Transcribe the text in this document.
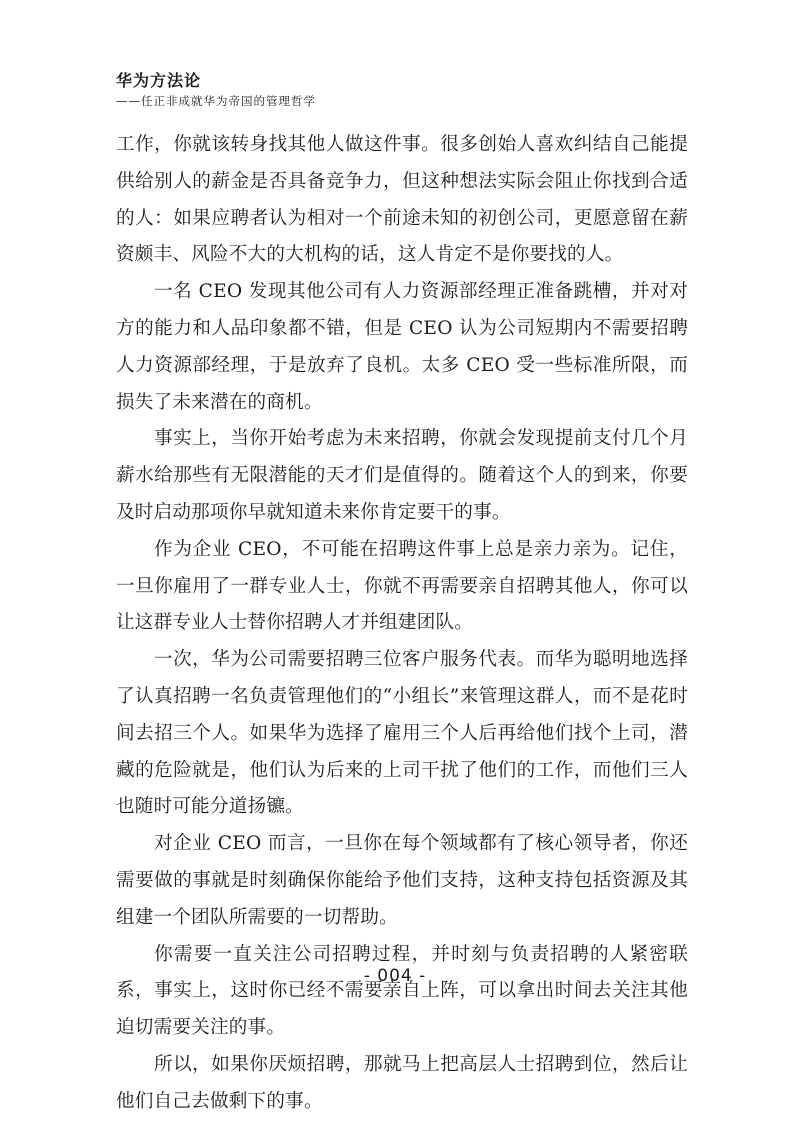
华为方法论
——任正非成就华为帝国的管理哲学

工作，你就该转身找其他人做这件事。很多创始人喜欢纠结自己能提供给别人的薪金是否具备竞争力，但这种想法实际会阻止你找到合适的人：如果应聘者认为相对一个前途未知的初创公司，更愿意留在薪资颇丰、风险不大的大机构的话，这人肯定不是你要找的人。

一名 CEO 发现其他公司有人力资源部经理正准备跳槽，并对对方的能力和人品印象都不错，但是 CEO 认为公司短期内不需要招聘人力资源部经理，于是放弃了良机。太多 CEO 受一些标准所限，而损失了未来潜在的商机。

事实上，当你开始考虑为未来招聘，你就会发现提前支付几个月薪水给那些有无限潜能的天才们是值得的。随着这个人的到来，你要及时启动那项你早就知道未来你肯定要干的事。

作为企业 CEO，不可能在招聘这件事上总是亲力亲为。记住，一旦你雇用了一群专业人士，你就不再需要亲自招聘其他人，你可以让这群专业人士替你招聘人才并组建团队。

一次，华为公司需要招聘三位客户服务代表。而华为聪明地选择了认真招聘一名负责管理他们的“小组长”来管理这群人，而不是花时间去招三个人。如果华为选择了雇用三个人后再给他们找个上司，潜藏的危险就是，他们认为后来的上司干扰了他们的工作，而他们三人也随时可能分道扬镳。

对企业 CEO 而言，一旦你在每个领域都有了核心领导者，你还需要做的事就是时刻确保你能给予他们支持，这种支持包括资源及其组建一个团队所需要的一切帮助。

你需要一直关注公司招聘过程，并时刻与负责招聘的人紧密联系，事实上，这时你已经不需要亲自上阵，可以拿出时间去关注其他迫切需要关注的事。

所以，如果你厌烦招聘，那就马上把高层人士招聘到位，然后让他们自己去做剩下的事。

- 004 -
